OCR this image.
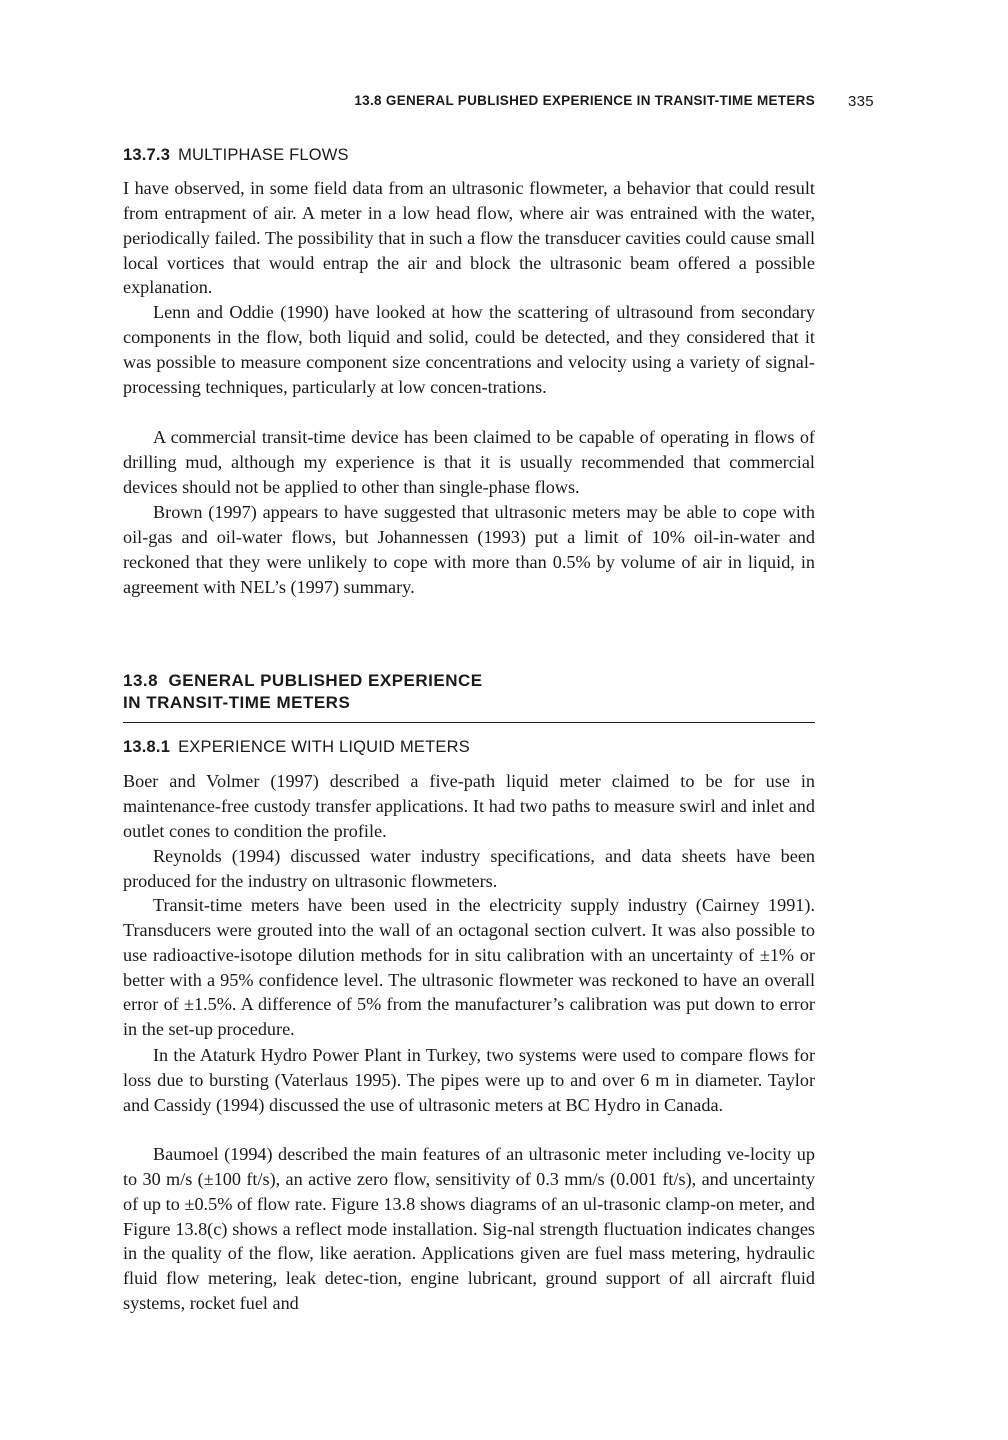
13.8 GENERAL PUBLISHED EXPERIENCE IN TRANSIT-TIME METERS 335
13.7.3 MULTIPHASE FLOWS

I have observed, in some field data from an ultrasonic flowmeter, a behavior that could result from entrapment of air. A meter in a low head flow, where air was entrained with the water, periodically failed. The possibility that in such a flow the transducer cavities could cause small local vortices that would entrap the air and block the ultrasonic beam offered a possible explanation.

Lenn and Oddie (1990) have looked at how the scattering of ultrasound from secondary components in the flow, both liquid and solid, could be detected, and they considered that it was possible to measure component size concentrations and velocity using a variety of signal-processing techniques, particularly at low concen-trations.

A commercial transit-time device has been claimed to be capable of operating in flows of drilling mud, although my experience is that it is usually recommended that commercial devices should not be applied to other than single-phase flows.

Brown (1997) appears to have suggested that ultrasonic meters may be able to cope with oil-gas and oil-water flows, but Johannessen (1993) put a limit of 10% oil-in-water and reckoned that they were unlikely to cope with more than 0.5% by volume of air in liquid, in agreement with NEL’s (1997) summary.

13.8 GENERAL PUBLISHED EXPERIENCE
IN TRANSIT-TIME METERS
13.8.1 EXPERIENCE WITH LIQUID METERS

Boer and Volmer (1997) described a five-path liquid meter claimed to be for use in maintenance-free custody transfer applications. It had two paths to measure swirl and inlet and outlet cones to condition the profile.

Reynolds (1994) discussed water industry specifications, and data sheets have been produced for the industry on ultrasonic flowmeters.

Transit-time meters have been used in the electricity supply industry (Cairney 1991). Transducers were grouted into the wall of an octagonal section culvert. It was also possible to use radioactive-isotope dilution methods for in situ calibration with an uncertainty of ±1% or better with a 95% confidence level. The ultrasonic flowmeter was reckoned to have an overall error of ±1.5%. A difference of 5% from the manufacturer’s calibration was put down to error in the set-up procedure.

In the Ataturk Hydro Power Plant in Turkey, two systems were used to compare flows for loss due to bursting (Vaterlaus 1995). The pipes were up to and over 6 m in diameter. Taylor and Cassidy (1994) discussed the use of ultrasonic meters at BC Hydro in Canada.

Baumoel (1994) described the main features of an ultrasonic meter including ve-locity up to 30 m/s (±100 ft/s), an active zero flow, sensitivity of 0.3 mm/s (0.001 ft/s), and uncertainty of up to ±0.5% of flow rate. Figure 13.8 shows diagrams of an ul-trasonic clamp-on meter, and Figure 13.8(c) shows a reflect mode installation. Sig-nal strength fluctuation indicates changes in the quality of the flow, like aeration. Applications given are fuel mass metering, hydraulic fluid flow metering, leak detec-tion, engine lubricant, ground support of all aircraft fluid systems, rocket fuel and
